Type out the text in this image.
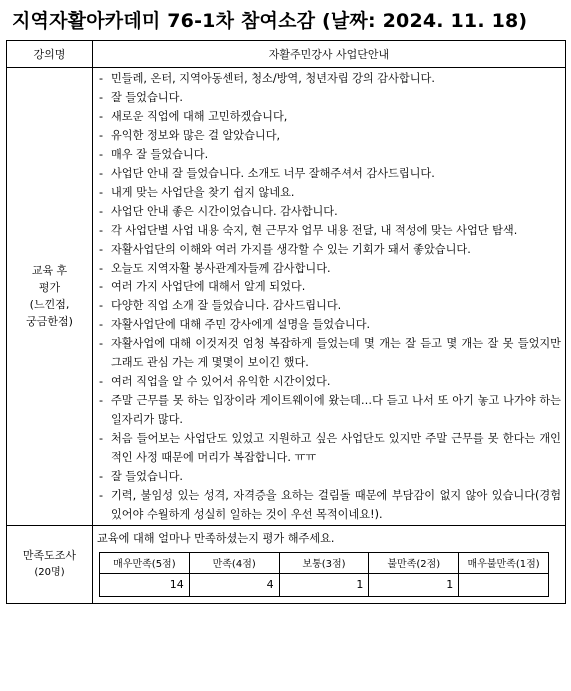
지역자활아카데미 76-1차 참여소감 (날짜: 2024. 11. 18)
강의명	자활주민강사 사업단안내

교육 후
평가
(느낀점,
궁금한점)

- 민들레, 온터, 지역아동센터, 청소/방역, 청년자립 강의 감사합니다.
- 잘 들었습니다.
- 새로운 직업에 대해 고민하겠습니다,
- 유익한 정보와 많은 걸 알았습니다,
- 매우 잘 들었습니다.
- 사업단 안내 잘 들었습니다. 소개도 너무 잘해주셔서 감사드립니다.
- 내게 맞는 사업단을 찾기 쉽지 않네요.
- 사업단 안내 좋은 시간이었습니다. 감사합니다.
- 각 사업단별 사업 내용 숙지, 현 근무자 업무 내용 전달, 내 적성에 맞는 사업단 탐색.
- 자활사업단의 이해와 여러 가지를 생각할 수 있는 기회가 돼서 좋았습니다.
- 오늘도 지역자활 봉사관계자들께 감사합니다.
- 여러 가지 사업단에 대해서 알게 되었다.
- 다양한 직업 소개 잘 들었습니다. 감사드립니다.
- 자활사업단에 대해 주민 강사에게 설명을 들었습니다.
- 자활사업에 대해 이것저것 엄청 복잡하게 들었는데 몇 개는 잘 듣고 몇 개는 잘 못 들었지만 그래도 관심 가는 게 몇몇이 보이긴 했다.
- 여러 직업을 알 수 있어서 유익한 시간이었다.
- 주말 근무를 못 하는 입장이라 게이트웨이에 왔는데…다 듣고 나서 또 아기 놓고 나가야 하는 일자리가 많다.
- 처음 들어보는 사업단도 있었고 지원하고 싶은 사업단도 있지만 주말 근무를 못 한다는 개인적인 사정 때문에 머리가 복잡합니다. ㅠㅠ
- 잘 들었습니다.
- 기력, 불임성 있는 성격, 자격증을 요하는 걸림돌 때문에 부담감이 없지 않아 있습니다(경험 있어야 수월하게 성실히 일하는 것이 우선 목적이네요!).

만족도조사
(20명)

교육에 대해 얼마나 만족하셨는지 평가 해주세요.
매우만족(5점)	만족(4점)	보통(3점)	불만족(2점)	매우불만족(1점)
14	4	1	1	
